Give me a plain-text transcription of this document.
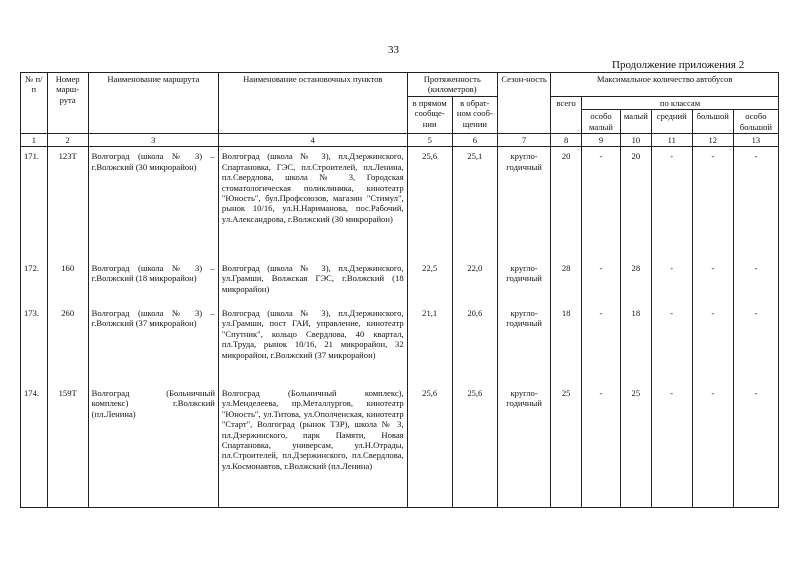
33
Продолжение приложения 2
№ п/п	Номер марш-рута	Наименование маршрута	Наименование остановочных пунктов	Протяженность (километров)		Сезон-ность	Максимальное количество автобусов					
				в прямом сообще-нии	в обрат-ном сооб-щении		всего	по классам				
								особо малый	малый	средний	большой	особо большой
1	2	3	4	5	6	7	8	9	10	11	12	13
171.	123Т	Волгоград (школа № 3) – г.Волжский (30 микрорайон)	Волгоград (школа № 3), пл.Дзержинского, Спартановка, ГЭС, пл.Строителей, пл.Ленина, пл.Свердлова, школа № 3, Городская стоматологическая поликлиника, кинотеатр "Юность", бул.Профсоюзов, магазин "Стимул", рынок 10/16, ул.Н.Нариманова, пос.Рабочий, ул.Александрова, г.Волжский (30 микрорайон)	25,6	25,1	кругло-годичный	20	-	20	-	-	-
172.	160	Волгоград (школа № 3) – г.Волжский (18 микрорайон)	Волгоград (школа № 3), пл.Дзержинского, ул.Грамши, Волжская ГЭС, г.Волжский (18 микрорайон)	22,5	22,0	кругло-годичный	28	-	28	-	-	-
173.	260	Волгоград (школа № 3) – г.Волжский (37 микрорайон)	Волгоград (школа № 3), пл.Дзержинского, ул.Грамши, пост ГАИ, управление, кинотеатр "Спутник", кольцо Свердлова, 40 квартал, пл.Труда, рынок 10/16, 21 микрорайон, 32 микрорайон, г.Волжский (37 микрорайон)	21,1	20,6	кругло-годичный	18	-	18	-	-	-
174.	159Т	Волгоград (Больничный комплекс) г.Волжский (пл.Ленина)	Волгоград (Больничный комплекс), ул.Менделеева, пр.Металлургов, кинотеатр "Юность", ул.Титова, ул.Ополченская, кинотеатр "Старт", Волгоград (рынок ТЗР), школа № 3, пл.Дзержинского, парк Памяти, Новая Спартановка, универсам, ул.Н.Отрады, пл.Строителей, пл.Дзержинского, пл.Свердлова, ул.Космонавтов, г.Волжский (пл.Ленина)	25,6	25,6	кругло-годичный	25	-	25	-	-	-
